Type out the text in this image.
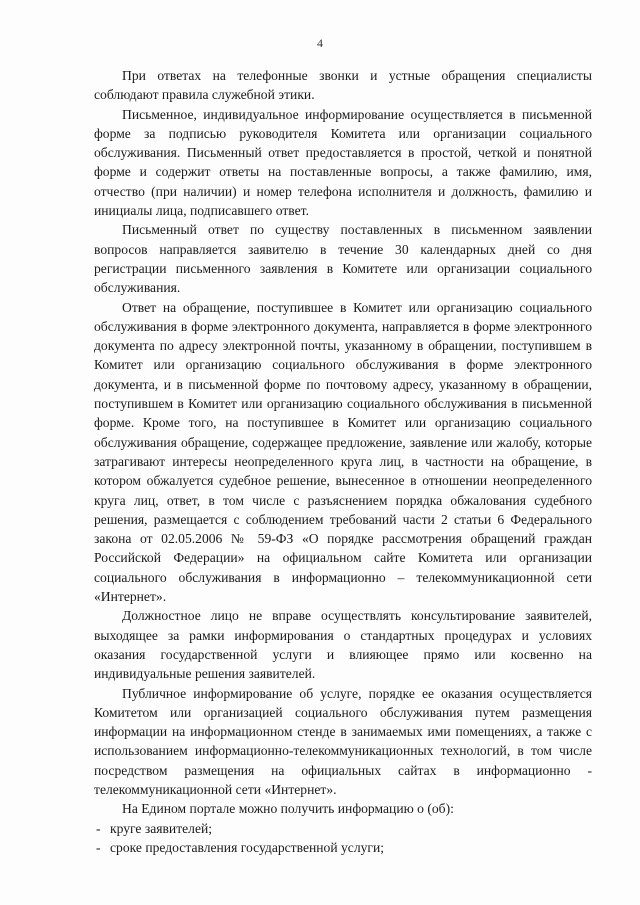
4

При ответах на телефонные звонки и устные обращения специалисты соблюдают правила служебной этики.

Письменное, индивидуальное информирование осуществляется в письменной форме за подписью руководителя Комитета или организации социального обслуживания. Письменный ответ предоставляется в простой, четкой и понятной форме и содержит ответы на поставленные вопросы, а также фамилию, имя, отчество (при наличии) и номер телефона исполнителя и должность, фамилию и инициалы лица, подписавшего ответ.

Письменный ответ по существу поставленных в письменном заявлении вопросов направляется заявителю в течение 30 календарных дней со дня регистрации письменного заявления в Комитете или организации социального обслуживания.

Ответ на обращение, поступившее в Комитет или организацию социального обслуживания в форме электронного документа, направляется в форме электронного документа по адресу электронной почты, указанному в обращении, поступившем в Комитет или организацию социального обслуживания в форме электронного документа, и в письменной форме по почтовому адресу, указанному в обращении, поступившем в Комитет или организацию социального обслуживания в письменной форме. Кроме того, на поступившее в Комитет или организацию социального обслуживания обращение, содержащее предложение, заявление или жалобу, которые затрагивают интересы неопределенного круга лиц, в частности на обращение, в котором обжалуется судебное решение, вынесенное в отношении неопределенного круга лиц, ответ, в том числе с разъяснением порядка обжалования судебного решения, размещается с соблюдением требований части 2 статьи 6 Федерального закона от 02.05.2006 № 59-ФЗ «О порядке рассмотрения обращений граждан Российской Федерации» на официальном сайте Комитета или организации социального обслуживания в информационно – телекоммуникационной сети «Интернет».

Должностное лицо не вправе осуществлять консультирование заявителей, выходящее за рамки информирования о стандартных процедурах и условиях оказания государственной услуги и влияющее прямо или косвенно на индивидуальные решения заявителей.

Публичное информирование об услуге, порядке ее оказания осуществляется Комитетом или организацией социального обслуживания путем размещения информации на информационном стенде в занимаемых ими помещениях, а также с использованием информационно-телекоммуникационных технологий, в том числе посредством размещения на официальных сайтах в информационно - телекоммуникационной сети «Интернет».

На Едином портале можно получить информацию о (об):

- круге заявителей;
- сроке предоставления государственной услуги;
